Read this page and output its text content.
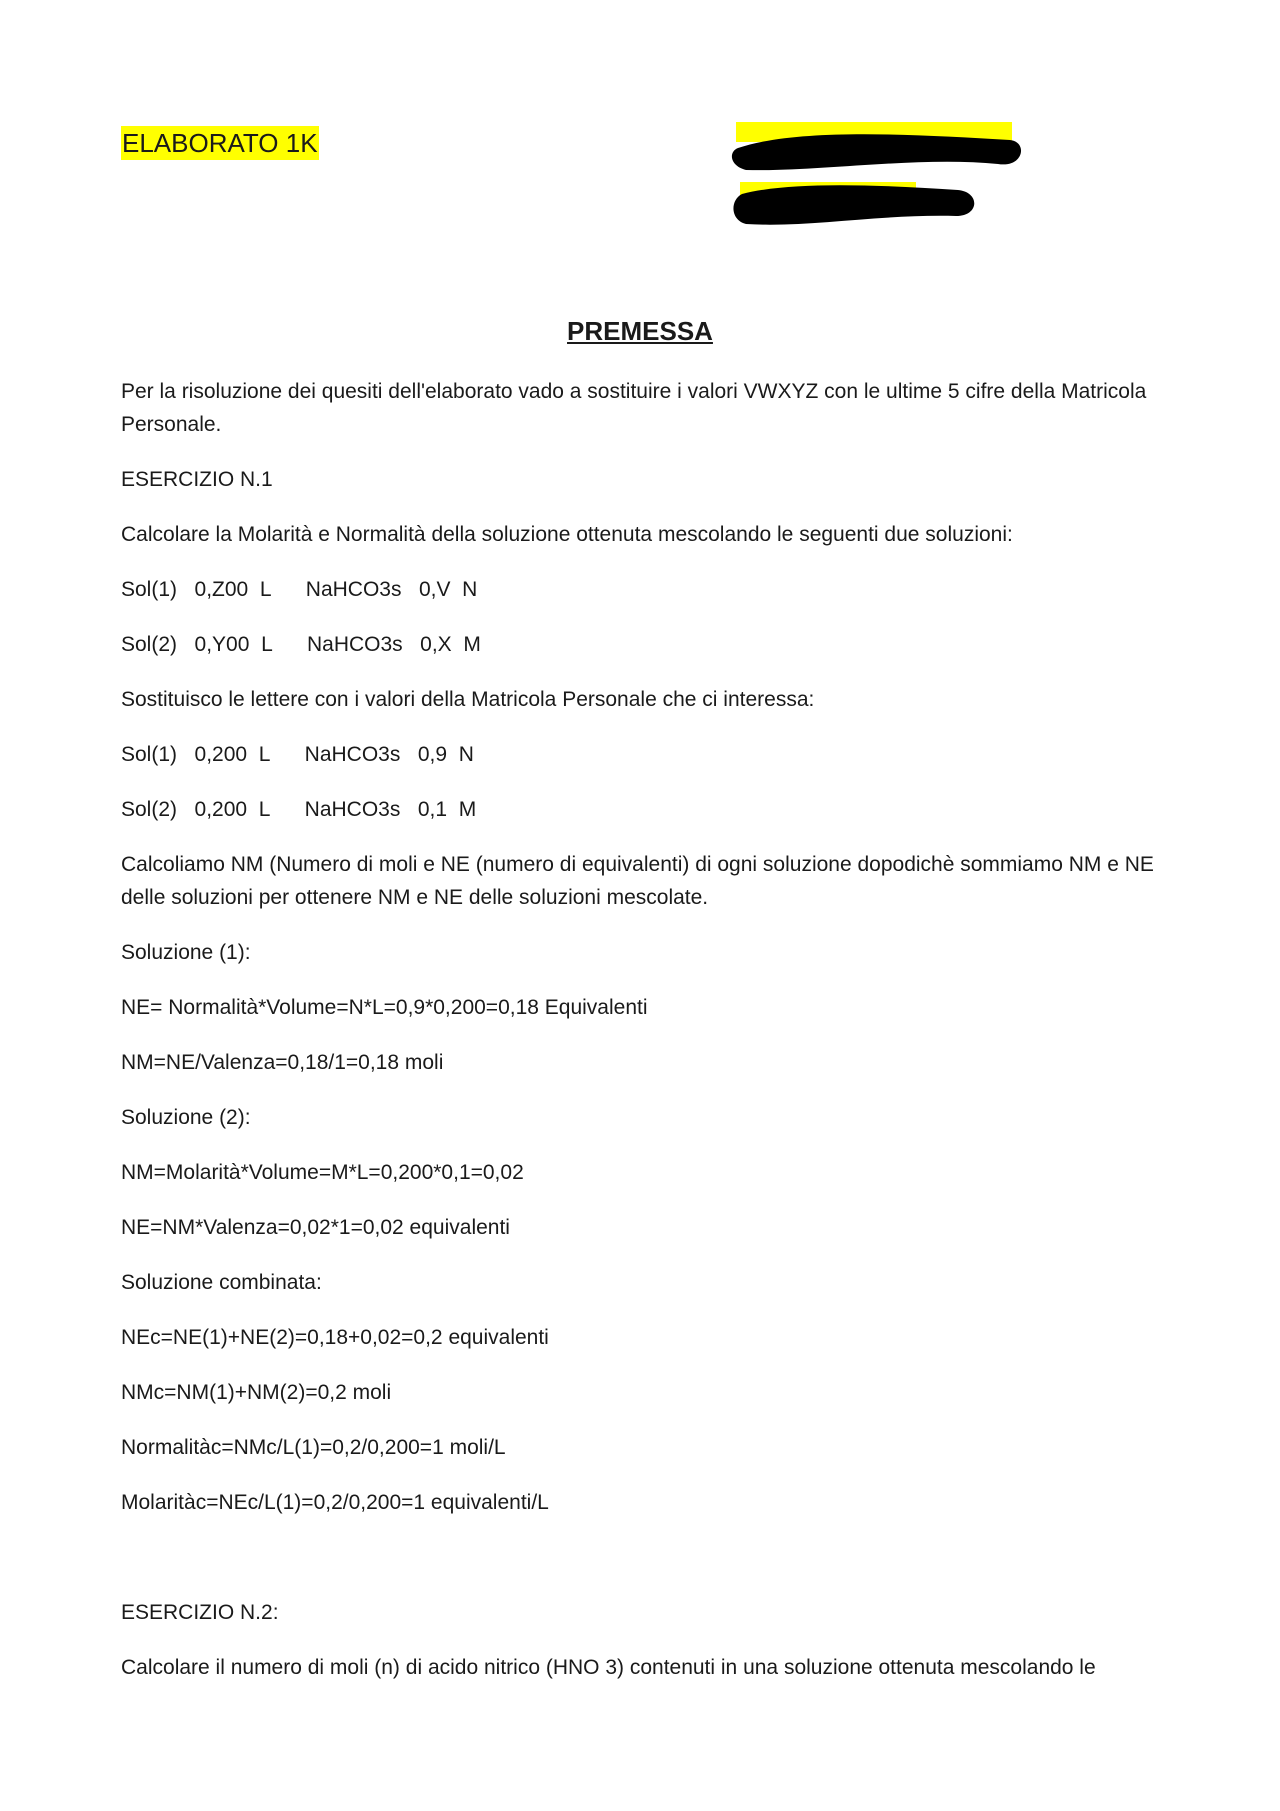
ELABORATO 1K
PREMESSA

Per la risoluzione dei quesiti dell'elaborato vado a sostituire i valori VWXYZ con le ultime 5 cifre della Matricola Personale.

ESERCIZIO N.1

Calcolare la Molarità e Normalità della soluzione ottenuta mescolando le seguenti due soluzioni:

Sol(1)   0,Z00  L      NaHCO3s   0,V  N

Sol(2)   0,Y00  L      NaHCO3s   0,X  M

Sostituisco le lettere con i valori della Matricola Personale che ci interessa:

Sol(1)   0,200  L      NaHCO3s   0,9  N

Sol(2)   0,200  L      NaHCO3s   0,1  M

Calcoliamo NM (Numero di moli e NE (numero di equivalenti) di ogni soluzione dopodichè sommiamo NM e NE delle soluzioni per ottenere NM e NE delle soluzioni mescolate.

Soluzione (1):

NE= Normalità*Volume=N*L=0,9*0,200=0,18 Equivalenti

NM=NE/Valenza=0,18/1=0,18 moli

Soluzione (2):

NM=Molarità*Volume=M*L=0,200*0,1=0,02

NE=NM*Valenza=0,02*1=0,02 equivalenti

Soluzione combinata:

NEc=NE(1)+NE(2)=0,18+0,02=0,2 equivalenti

NMc=NM(1)+NM(2)=0,2 moli

Normalitàc=NMc/L(1)=0,2/0,200=1 moli/L

Molaritàc=NEc/L(1)=0,2/0,200=1 equivalenti/L

ESERCIZIO N.2:

Calcolare il numero di moli (n) di acido nitrico (HNO 3) contenuti in una soluzione ottenuta mescolando le
